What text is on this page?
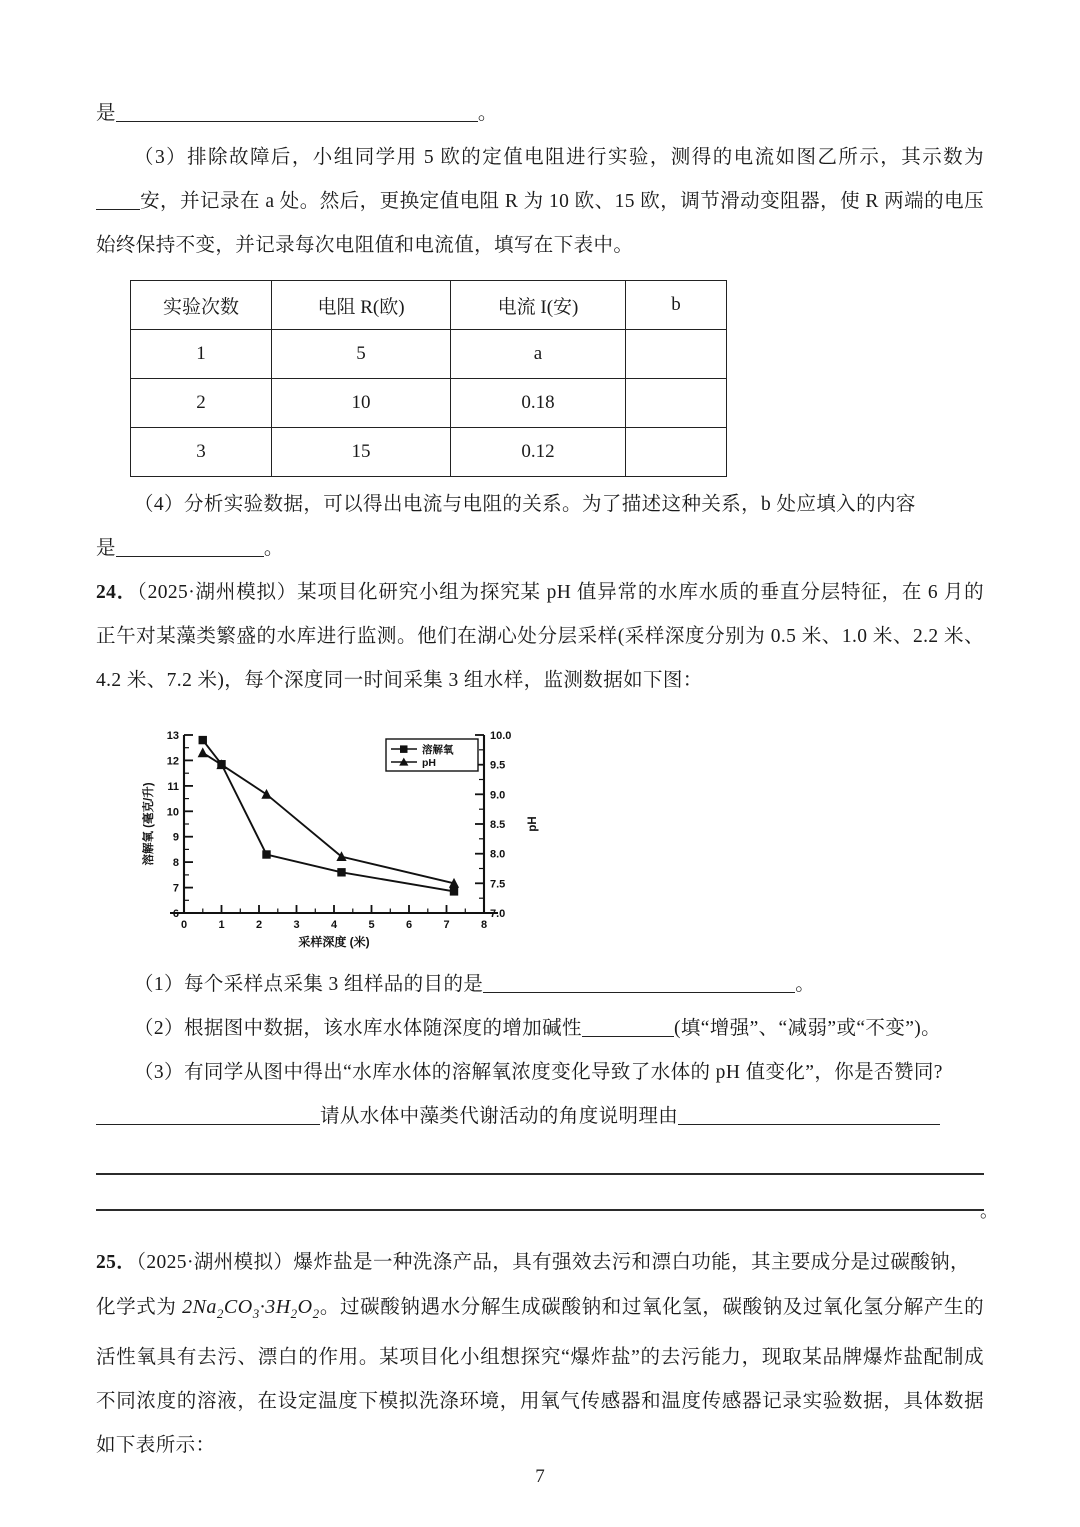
是	。

（3）排除故障后，小组同学用 5 欧的定值电阻进行实验，测得的电流如图乙所示，其示数为安，并记录在 a 处。然后，更换定值电阻 R 为 10 欧、15 欧，调节滑动变阻器，使 R 两端的电压始终保持不变，并记录每次电阻值和电流值，填写在下表中。

实验次数	电阻 R(欧)	电流 I(安)	b
1	5	a	
2	10	0.18	
3	15	0.12	

（4）分析实验数据，可以得出电流与电阻的关系。为了描述这种关系，b 处应填入的内容

是	。

24．（2025·湖州模拟）某项目化研究小组为探究某 pH 值异常的水库水质的垂直分层特征，在 6 月的正午对某藻类繁盛的水库进行监测。他们在湖心处分层采样(采样深度分别为 0.5 米、1.0 米、2.2 米、4.2 米、7.2 米)，每个深度同一时间采集 3 组水样，监测数据如下图：

6
7
8
9
10
11
12
13
溶解氧 (毫克/升)
7.0
7.5
8.0
8.5
9.0
9.5
10.0
pH
0	1	2	3	4	5	6	7	8
采样深度 (米)
溶解氧
pH

（1）每个采样点采集 3 组样品的目的是	。

（2）根据图中数据，该水库水体随深度的增加碱性	(填“增强”、“减弱”或“不变”)。

（3）有同学从图中得出“水库水体的溶解氧浓度变化导致了水体的 pH 值变化”，你是否赞同?

请从水体中藻类代谢活动的角度说明理由

。

25．（2025·湖州模拟）爆炸盐是一种洗涤产品，具有强效去污和漂白功能，其主要成分是过碳酸钠，

化学式为 $2Na_2CO_3\cdot 3H_2O_2$。过碳酸钠遇水分解生成碳酸钠和过氧化氢，碳酸钠及过氧化氢分解产生的活性氧具有去污、漂白的作用。某项目化小组想探究“爆炸盐”的去污能力，现取某品牌爆炸盐配制成不同浓度的溶液，在设定温度下模拟洗涤环境，用氧气传感器和温度传感器记录实验数据，具体数据如下表所示：

7
